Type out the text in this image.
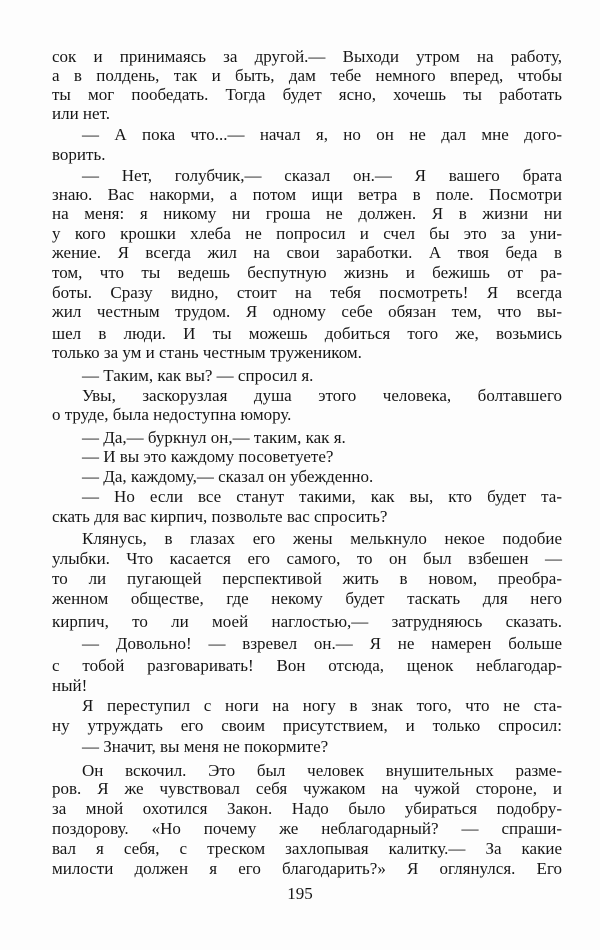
сок и принимаясь за другой.— Выходи утром на работу,
а в полдень, так и быть, дам тебе немного вперед, чтобы
ты мог пообедать. Тогда будет ясно, хочешь ты работать
или нет.
— А пока что...— начал я, но он не дал мне дого-
ворить.
— Нет, голубчик,— сказал он.— Я вашего брата
знаю. Вас накорми, а потом ищи ветра в поле. Посмотри
на меня: я никому ни гроша не должен. Я в жизни ни
у кого крошки хлеба не попросил и счел бы это за уни-
жение. Я всегда жил на свои заработки. А твоя беда в
том, что ты ведешь беспутную жизнь и бежишь от ра-
боты. Сразу видно, стоит на тебя посмотреть! Я всегда
жил честным трудом. Я одному себе обязан тем, что вы-
шел в люди. И ты можешь добиться того же, возьмись
только за ум и стань честным тружеником.
— Таким, как вы? — спросил я.
Увы, заскорузлая душа этого человека, болтавшего
о труде, была недоступна юмору.
— Да,— буркнул он,— таким, как я.
— И вы это каждому посоветуете?
— Да, каждому,— сказал он убежденно.
— Но если все станут такими, как вы, кто будет та-
скать для вас кирпич, позвольте вас спросить?
Клянусь, в глазах его жены мелькнуло некое подобие
улыбки. Что касается его самого, то он был взбешен —
то ли пугающей перспективой жить в новом, преобра-
женном обществе, где некому будет таскать для него
кирпич, то ли моей наглостью,— затрудняюсь сказать.
— Довольно! — взревел он.— Я не намерен больше
с тобой разговаривать! Вон отсюда, щенок неблагодар-
ный!
Я переступил с ноги на ногу в знак того, что не ста-
ну утруждать его своим присутствием, и только спросил:
— Значит, вы меня не покормите?
Он вскочил. Это был человек внушительных разме-
ров. Я же чувствовал себя чужаком на чужой стороне, и
за мной охотился Закон. Надо было убираться подобру-
поздорову. «Но почему же неблагодарный? — спраши-
вал я себя, с треском захлопывая калитку.— За какие
милости должен я его благодарить?» Я оглянулся. Его
195
